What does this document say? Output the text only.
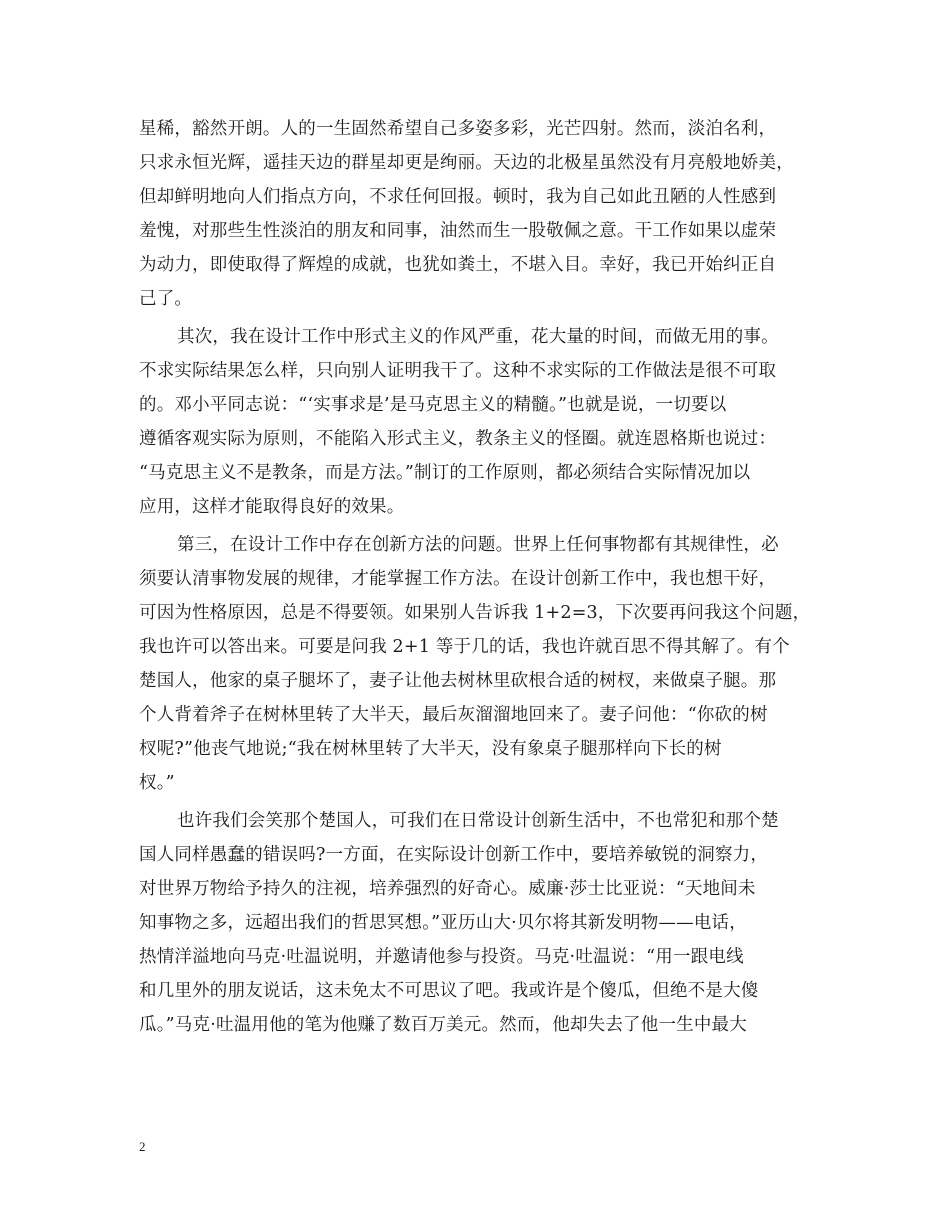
星稀，豁然开朗。人的一生固然希望自己多姿多彩，光芒四射。然而，淡泊名利，
只求永恒光辉，遥挂天边的群星却更是绚丽。天边的北极星虽然没有月亮般地娇美，
但却鲜明地向人们指点方向，不求任何回报。顿时，我为自己如此丑陋的人性感到
羞愧，对那些生性淡泊的朋友和同事，油然而生一股敬佩之意。干工作如果以虚荣
为动力，即使取得了辉煌的成就，也犹如粪土，不堪入目。幸好，我已开始纠正自
己了。
其次，我在设计工作中形式主义的作风严重，花大量的时间，而做无用的事。
不求实际结果怎么样，只向别人证明我干了。这种不求实际的工作做法是很不可取
的。邓小平同志说：“‘实事求是’是马克思主义的精髓。”也就是说，一切要以
遵循客观实际为原则，不能陷入形式主义，教条主义的怪圈。就连恩格斯也说过：
“马克思主义不是教条，而是方法。”制订的工作原则，都必须结合实际情况加以
应用，这样才能取得良好的效果。
第三，在设计工作中存在创新方法的问题。世界上任何事物都有其规律性，必
须要认清事物发展的规律，才能掌握工作方法。在设计创新工作中，我也想干好，
可因为性格原因，总是不得要领。如果别人告诉我 1+2=3，下次要再问我这个问题，
我也许可以答出来。可要是问我 2+1 等于几的话，我也许就百思不得其解了。有个
楚国人，他家的桌子腿坏了，妻子让他去树林里砍根合适的树杈，来做桌子腿。那
个人背着斧子在树林里转了大半天，最后灰溜溜地回来了。妻子问他：“你砍的树
杈呢?”他丧气地说;“我在树林里转了大半天，没有象桌子腿那样向下长的树
杈。”
也许我们会笑那个楚国人，可我们在日常设计创新生活中，不也常犯和那个楚
国人同样愚蠢的错误吗?一方面，在实际设计创新工作中，要培养敏锐的洞察力，
对世界万物给予持久的注视，培养强烈的好奇心。威廉·莎士比亚说：“天地间未
知事物之多，远超出我们的哲思冥想。”亚历山大·贝尔将其新发明物——电话，
热情洋溢地向马克·吐温说明，并邀请他参与投资。马克·吐温说：“用一跟电线
和几里外的朋友说话，这未免太不可思议了吧。我或许是个傻瓜，但绝不是大傻
瓜。”马克·吐温用他的笔为他赚了数百万美元。然而，他却失去了他一生中最大
2
